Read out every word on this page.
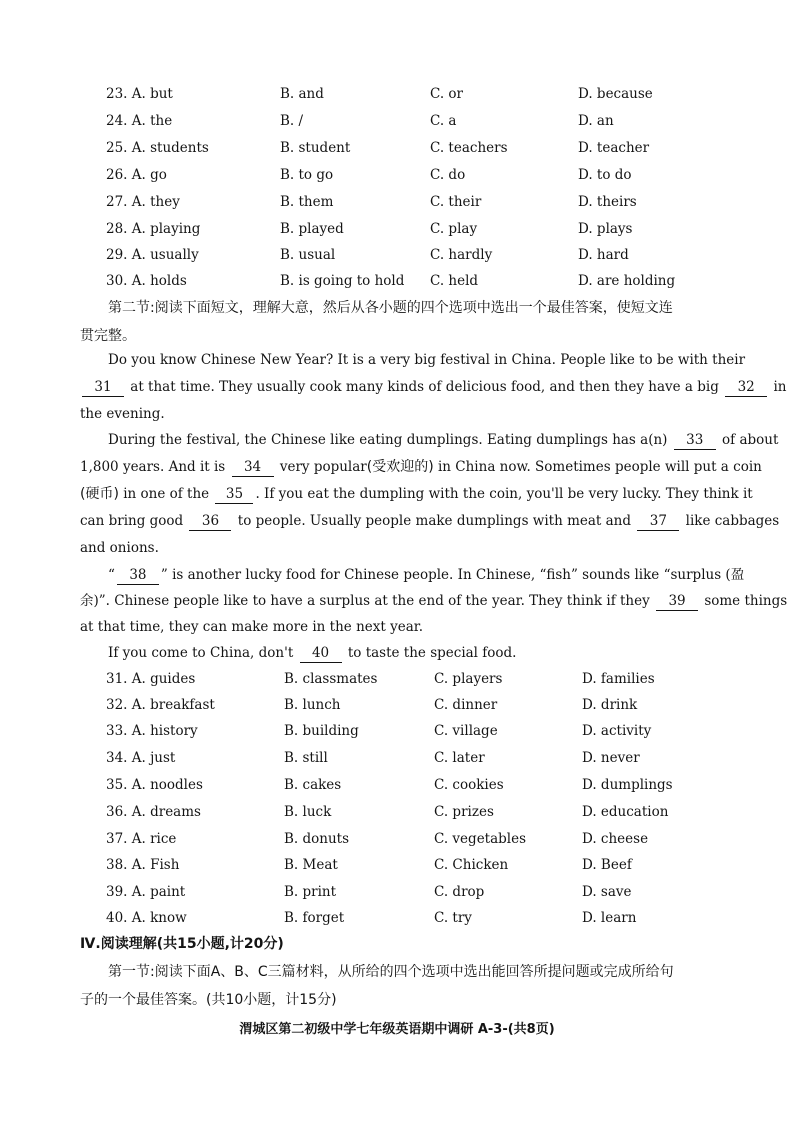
23. A. but	B. and	C. or	D. because
24. A. the	B. /	C. a	D. an
25. A. students	B. student	C. teachers	D. teacher
26. A. go	B. to go	C. do	D. to do
27. A. they	B. them	C. their	D. theirs
28. A. playing	B. played	C. play	D. plays
29. A. usually	B. usual	C. hardly	D. hard
30. A. holds	B. is going to hold C. held	D. are holding
第二节:阅读下面短文，理解大意，然后从各小题的四个选项中选出一个最佳答案，使短文连
贯完整。
Do you know Chinese New Year? It is a very big festival in China. People like to be with their
31 at that time. They usually cook many kinds of delicious food, and then they have a big 32 in
the evening.
During the festival, the Chinese like eating dumplings. Eating dumplings has a(n) 33 of about
1,800 years. And it is 34 very popular(受欢迎的) in China now. Sometimes people will put a coin
(硬币) in one of the 35 . If you eat the dumpling with the coin, you'll be very lucky. They think it
can bring good 36 to people. Usually people make dumplings with meat and 37 like cabbages
and onions.
“ 38 ” is another lucky food for Chinese people. In Chinese, “fish” sounds like “surplus (盈
余)”. Chinese people like to have a surplus at the end of the year. They think if they 39 some things
at that time, they can make more in the next year.
If you come to China, don't 40 to taste the special food.
31. A. guides	B. classmates	C. players	D. families
32. A. breakfast	B. lunch	C. dinner	D. drink
33. A. history	B. building	C. village	D. activity
34. A. just	B. still	C. later	D. never
35. A. noodles	B. cakes	C. cookies	D. dumplings
36. A. dreams	B. luck	C. prizes	D. education
37. A. rice	B. donuts	C. vegetables	D. cheese
38. A. Fish	B. Meat	C. Chicken	D. Beef
39. A. paint	B. print	C. drop	D. save
40. A. know	B. forget	C. try	D. learn
Ⅳ.阅读理解(共15小题,计20分)
第一节:阅读下面A、B、C三篇材料，从所给的四个选项中选出能回答所提问题或完成所给句
子的一个最佳答案。(共10小题，计15分)
渭城区第二初级中学七年级英语期中调研 A-3-(共8页)
